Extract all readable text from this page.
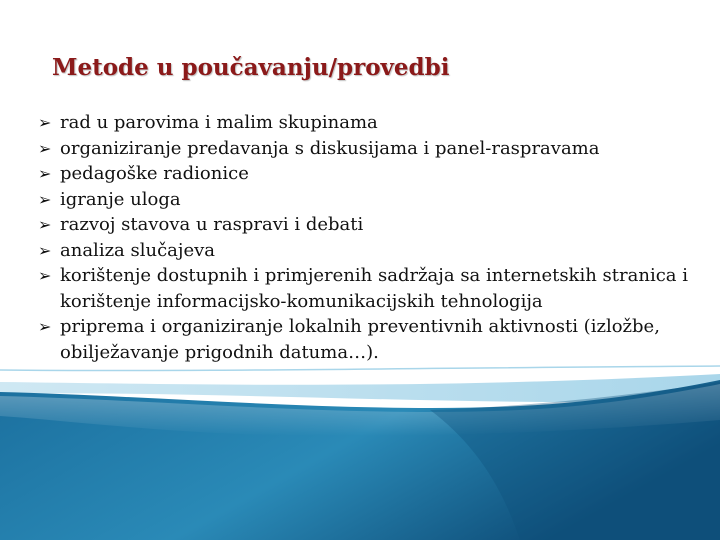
Metode u poučavanju/provedbi
➢ rad u parovima i malim skupinama
➢ organiziranje predavanja s diskusijama i panel-raspravama
➢ pedagoške radionice
➢ igranje uloga
➢ razvoj stavova u raspravi i debati
➢ analiza slučajeva
➢ korištenje dostupnih i primjerenih sadržaja sa internetskih stranica i korištenje informacijsko-komunikacijskih tehnologija
➢ priprema i organiziranje lokalnih preventivnih aktivnosti (izložbe, obilježavanje prigodnih datuma…).
